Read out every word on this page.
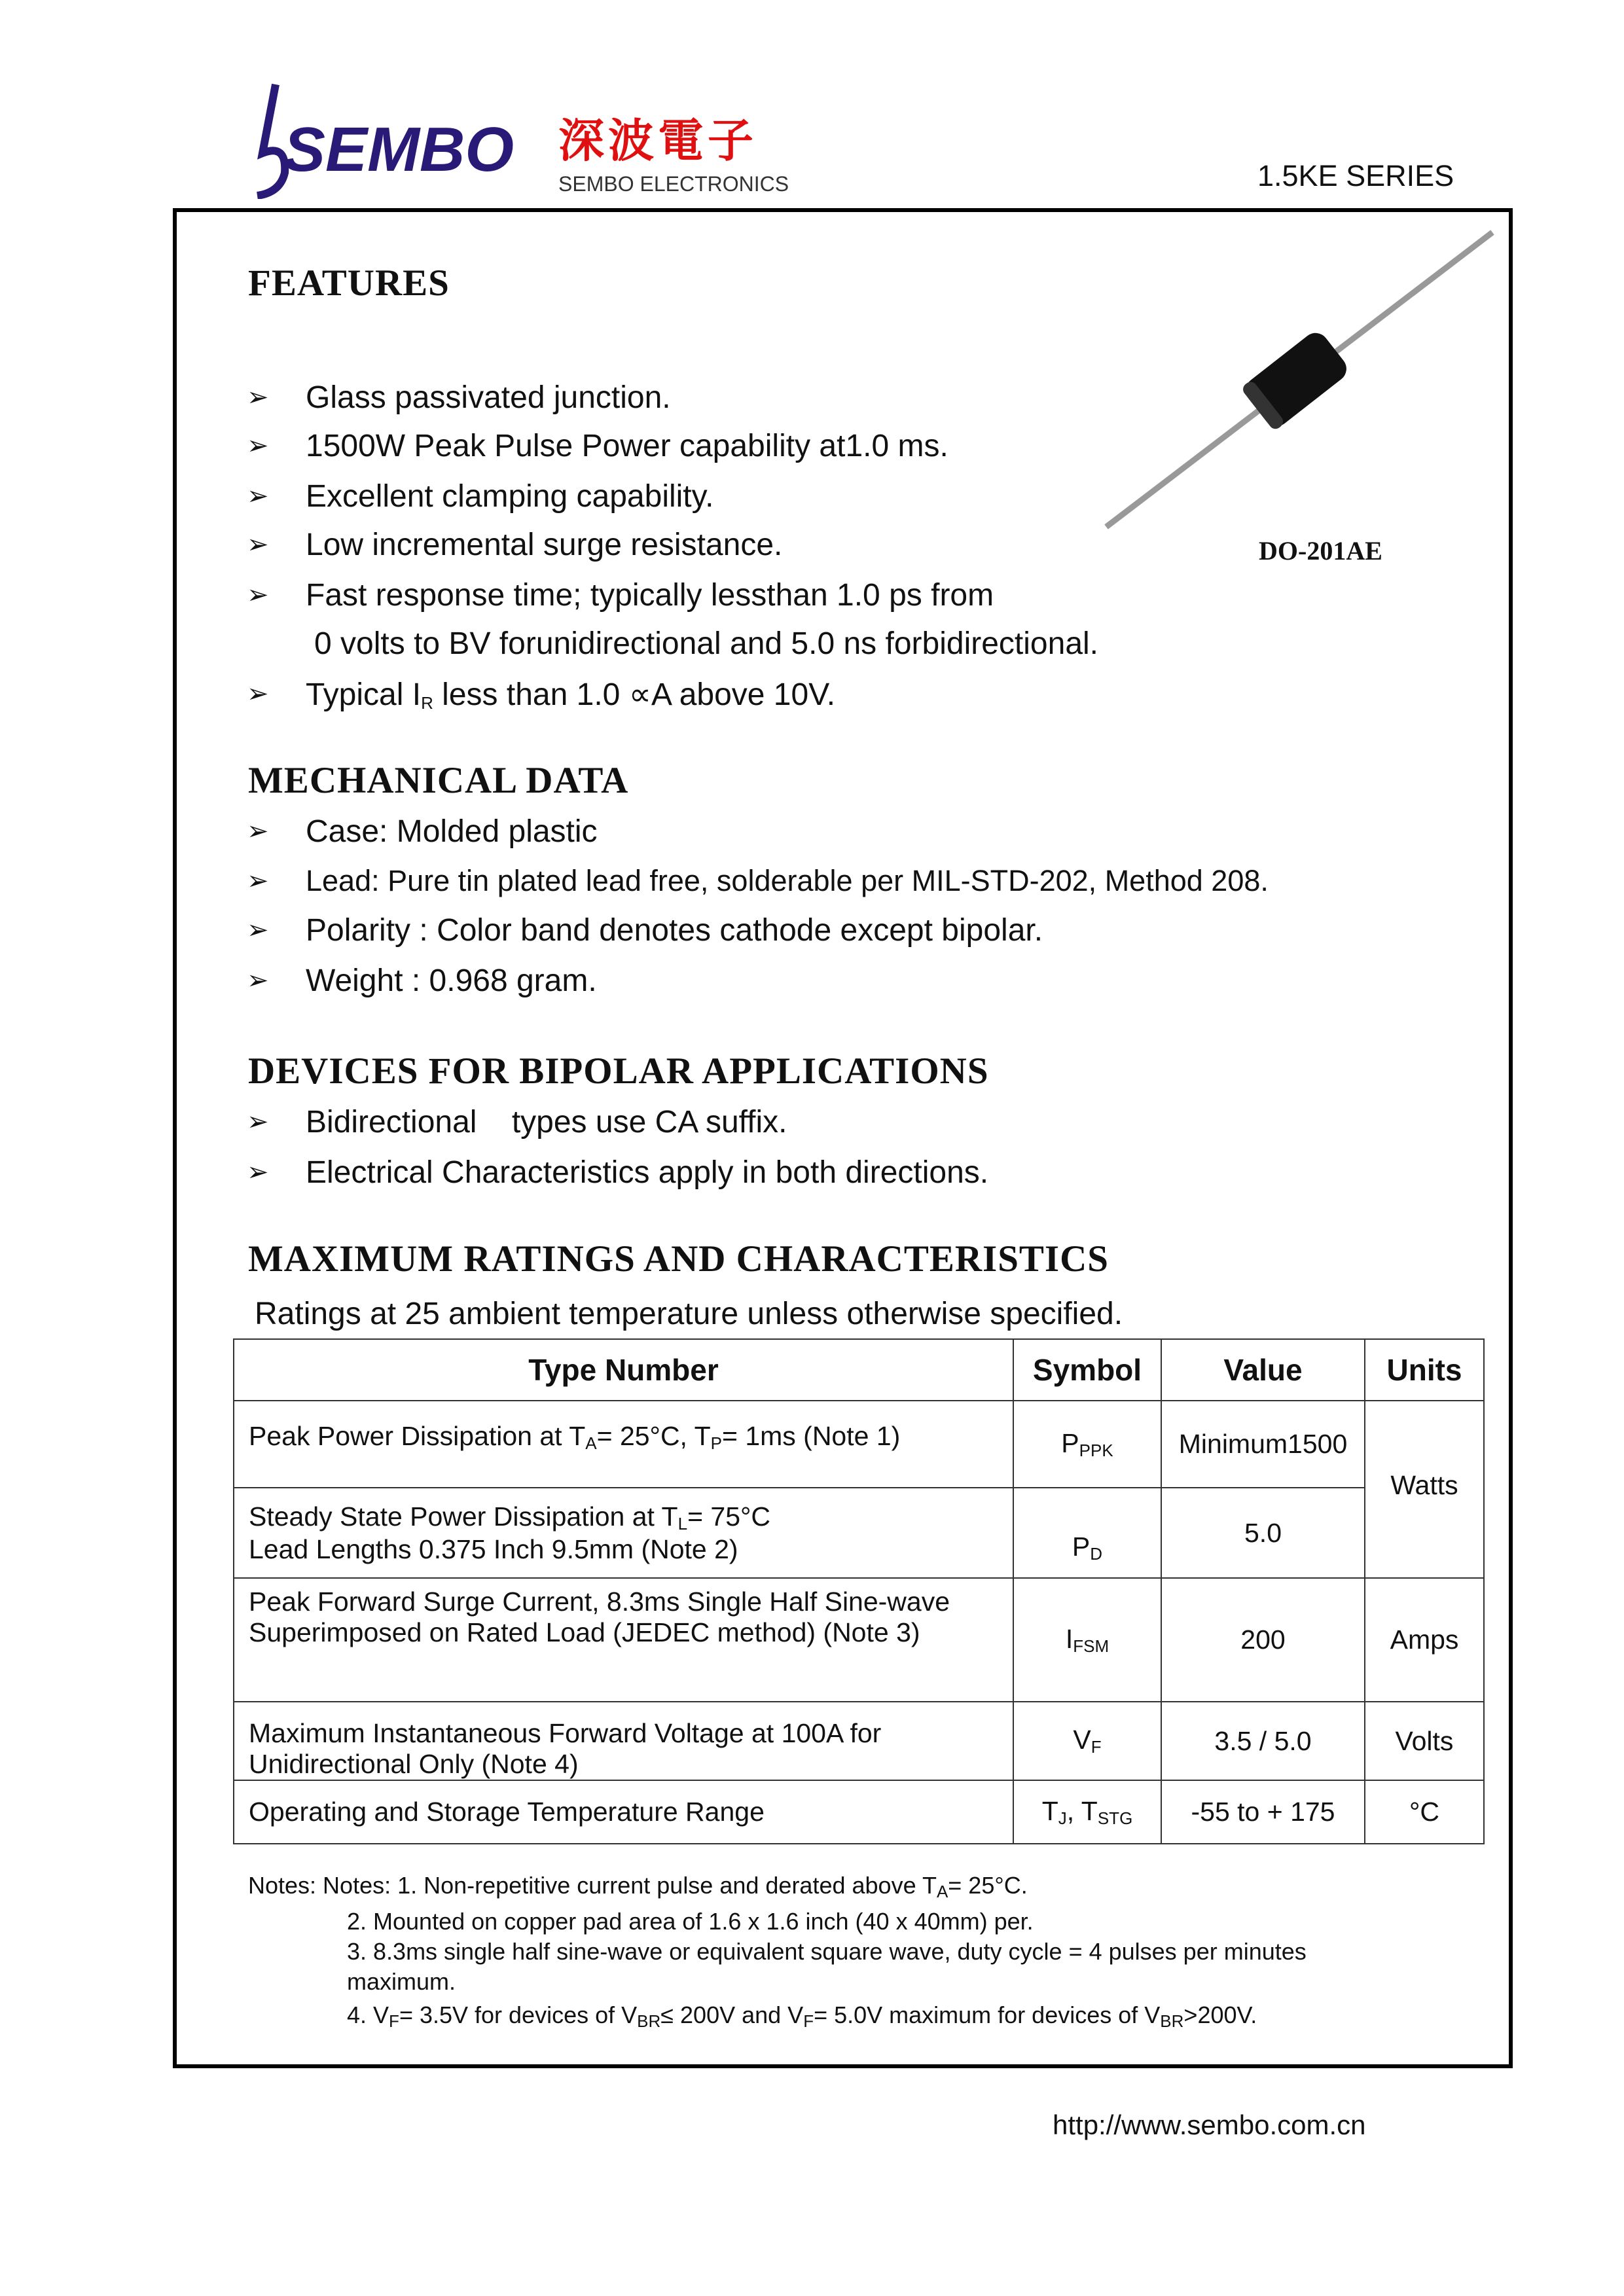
SEMBO 深波電子
SEMBO ELECTRONICS	1.5KE SERIES
FEATURES
➢ Glass passivated junction.
➢ 1500W Peak Pulse Power capability at1.0 ms.
➢ Excellent clamping capability.
➢ Low incremental surge resistance.
➢ Fast response time; typically lessthan 1.0 ps from
0 volts to BV forunidirectional and 5.0 ns forbidirectional.
➢ Typical $I_R$ less than 1.0 ∝A above 10V.
DO-201AE
MECHANICAL DATA
➢ Case: Molded plastic
➢ Lead: Pure tin plated lead free, solderable per MIL-STD-202, Method 208.
➢ Polarity : Color band denotes cathode except bipolar.
➢ Weight : 0.968 gram.
DEVICES FOR BIPOLAR APPLICATIONS
➢ Bidirectional    types use CA suffix.
➢ Electrical Characteristics apply in both directions.
MAXIMUM RATINGS AND CHARACTERISTICS
Ratings at 25 ambient temperature unless otherwise specified.
Type Number	Symbol	Value	Units
Peak Power Dissipation at $T_A= 25^\circ C$, $T_P= 1ms$ (Note 1)	$P_{PPK}$	Minimum1500	Watts
Steady State Power Dissipation at $T_L= 75^\circ C$
Lead Lengths 0.375 Inch 9.5mm (Note 2)	$P_D$	5.0	
Peak Forward Surge Current, 8.3ms Single Half Sine-wave
Superimposed on Rated Load (JEDEC method) (Note 3)	$I_{FSM}$	200	Amps
Maximum Instantaneous Forward Voltage at 100A for
Unidirectional Only (Note 4)	$V_F$	3.5 / 5.0	Volts
Operating and Storage Temperature Range	$T_J$, $T_{STG}$	-55 to + 175	°C
Notes: Notes: 1. Non-repetitive current pulse and derated above $T_A= 25^\circ C$.
2. Mounted on copper pad area of 1.6 x 1.6 inch (40 x 40mm) per.
3. 8.3ms single half sine-wave or equivalent square wave, duty cycle = 4 pulses per minutes
maximum.
4. $V_F= 3.5V$ for devices of $V_{BR}\le 200V$ and $V_F= 5.0V$ maximum for devices of $V_{BR}>200V$.
http://www.sembo.com.cn
